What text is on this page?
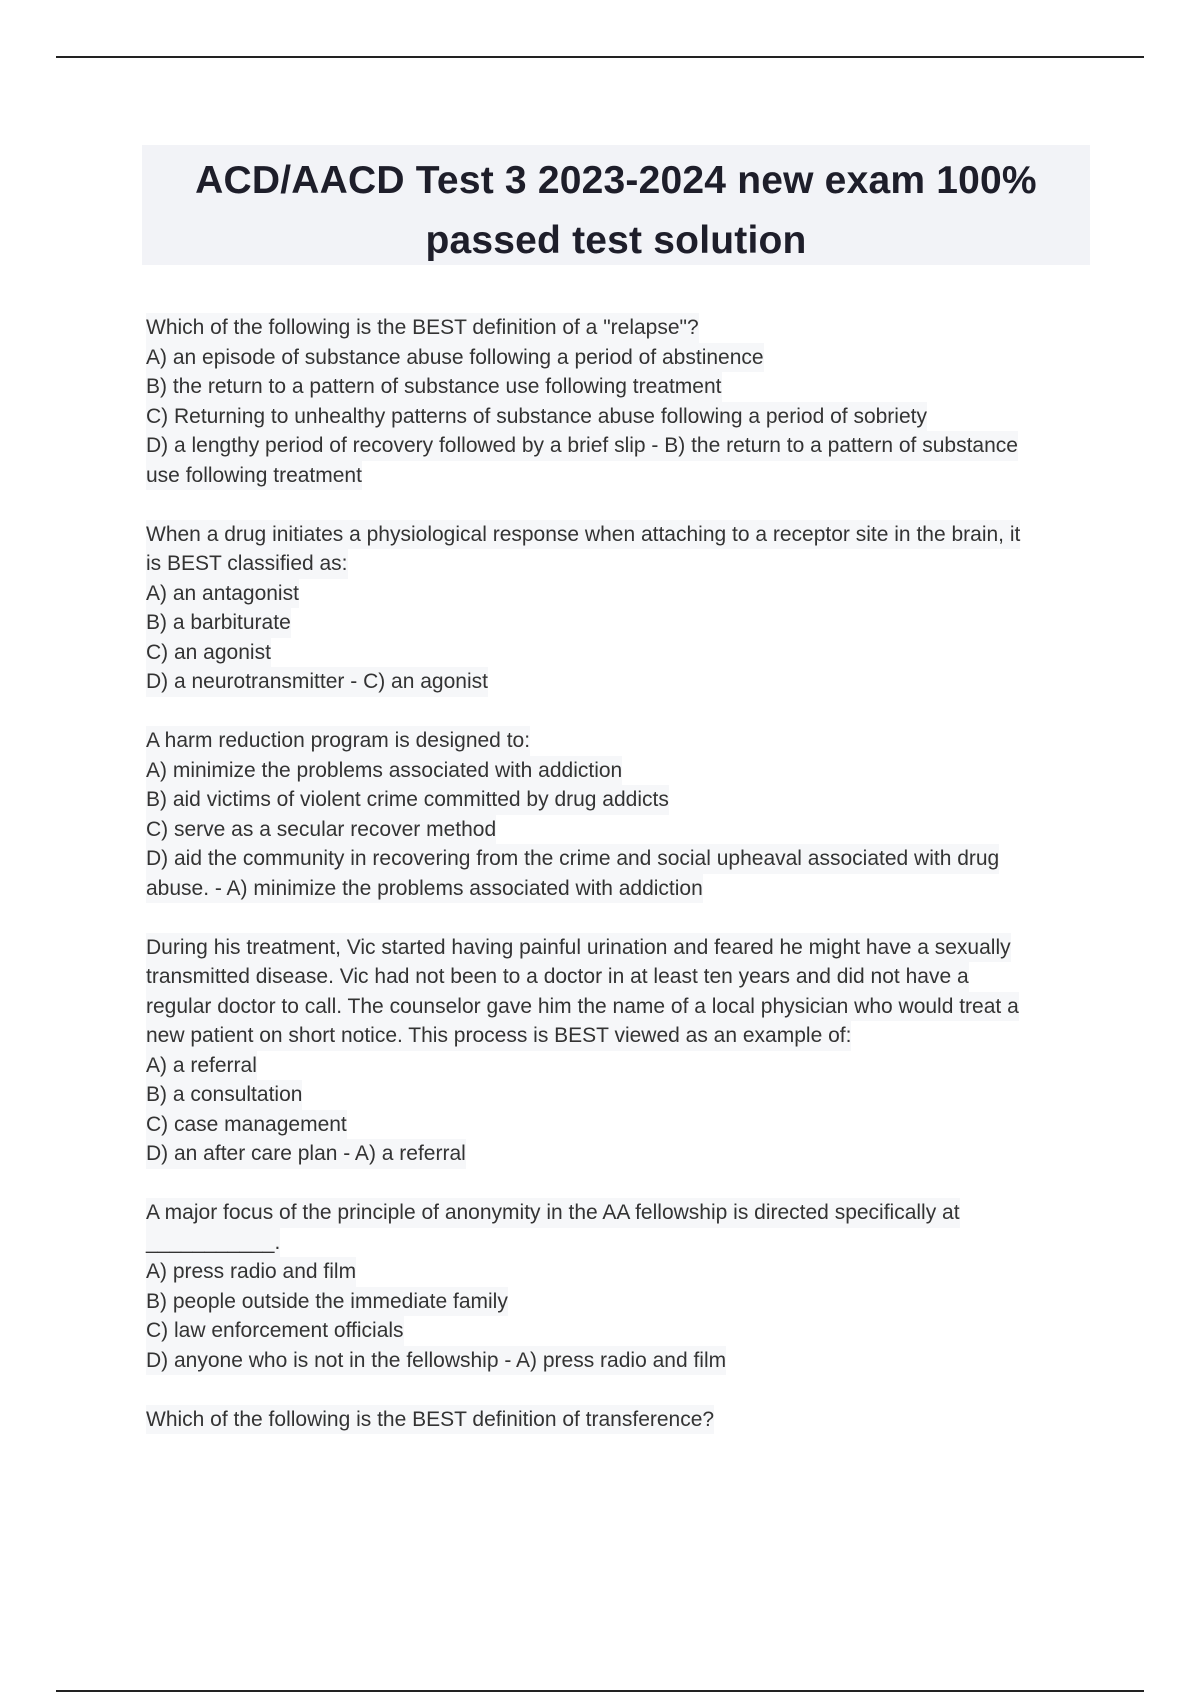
ACD/AACD Test 3 2023-2024 new exam 100%
passed test solution
Which of the following is the BEST definition of a "relapse"?
A) an episode of substance abuse following a period of abstinence
B) the return to a pattern of substance use following treatment
C) Returning to unhealthy patterns of substance abuse following a period of sobriety
D) a lengthy period of recovery followed by a brief slip - B) the return to a pattern of substance
use following treatment
When a drug initiates a physiological response when attaching to a receptor site in the brain, it
is BEST classified as:
A) an antagonist
B) a barbiturate
C) an agonist
D) a neurotransmitter - C) an agonist
A harm reduction program is designed to:
A) minimize the problems associated with addiction
B) aid victims of violent crime committed by drug addicts
C) serve as a secular recover method
D) aid the community in recovering from the crime and social upheaval associated with drug
abuse. - A) minimize the problems associated with addiction
During his treatment, Vic started having painful urination and feared he might have a sexually
transmitted disease. Vic had not been to a doctor in at least ten years and did not have a
regular doctor to call. The counselor gave him the name of a local physician who would treat a
new patient on short notice. This process is BEST viewed as an example of:
A) a referral
B) a consultation
C) case management
D) an after care plan - A) a referral
A major focus of the principle of anonymity in the AA fellowship is directed specifically at
___________.
A) press radio and film
B) people outside the immediate family
C) law enforcement officials
D) anyone who is not in the fellowship - A) press radio and film
Which of the following is the BEST definition of transference?
